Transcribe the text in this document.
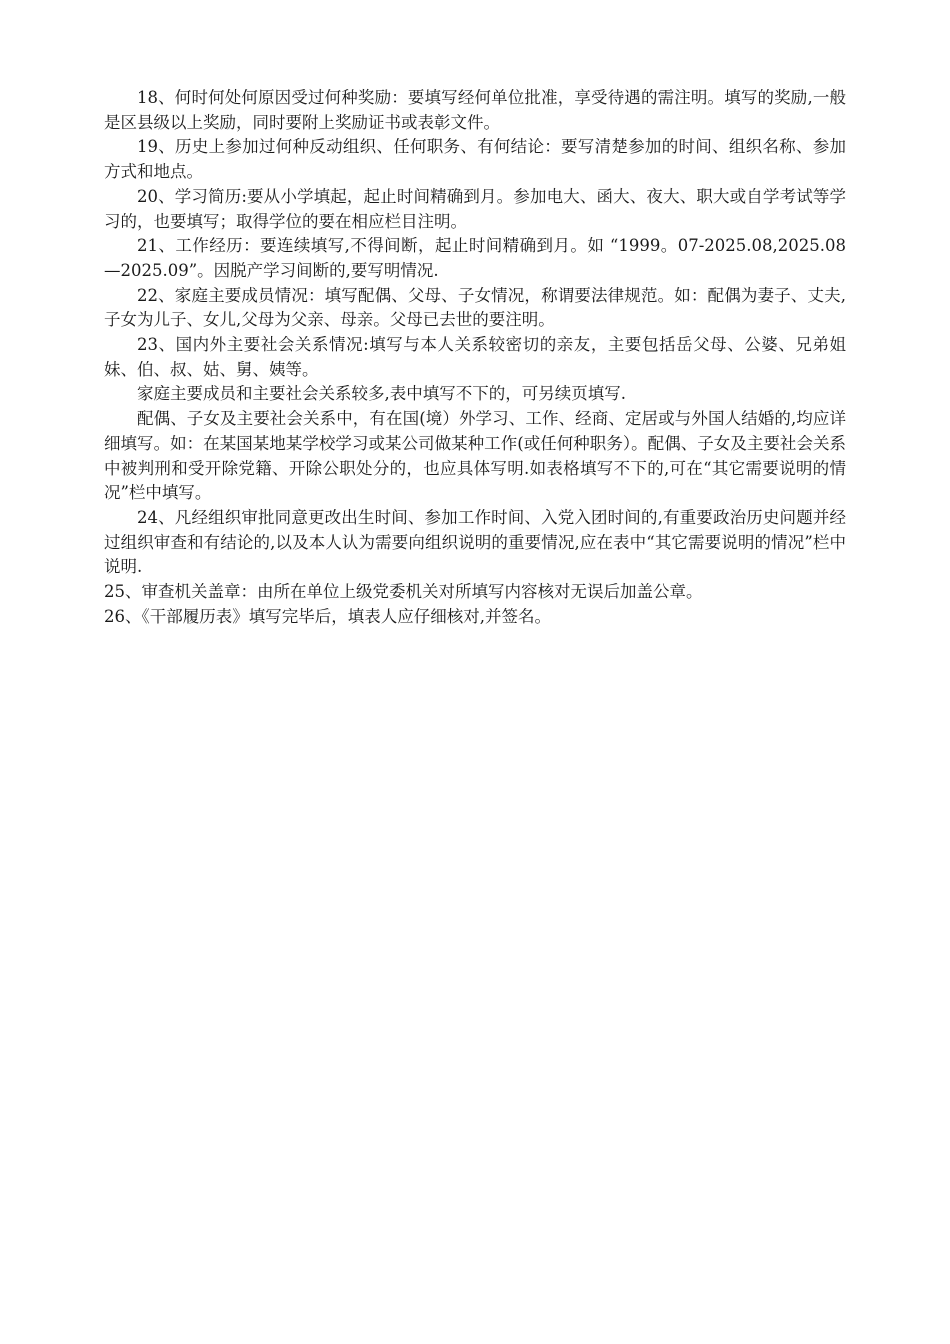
18、何时何处何原因受过何种奖励：要填写经何单位批准，享受待遇的需注明。填写的奖励,一般是区县级以上奖励，同时要附上奖励证书或表彰文件。

19、历史上参加过何种反动组织、任何职务、有何结论：要写清楚参加的时间、组织名称、参加方式和地点。

20、学习简历:要从小学填起，起止时间精确到月。参加电大、函大、夜大、职大或自学考试等学习的，也要填写；取得学位的要在相应栏目注明。

21、工作经历：要连续填写,不得间断，起止时间精确到月。如 “1999。07-2025.08,2025.08—2025.09”。因脱产学习间断的,要写明情况.

22、家庭主要成员情况：填写配偶、父母、子女情况，称谓要法律规范。如：配偶为妻子、丈夫,子女为儿子、女儿,父母为父亲、母亲。父母已去世的要注明。

23、国内外主要社会关系情况:填写与本人关系较密切的亲友，主要包括岳父母、公婆、兄弟姐妹、伯、叔、姑、舅、姨等。

家庭主要成员和主要社会关系较多,表中填写不下的，可另续页填写.

配偶、子女及主要社会关系中，有在国(境）外学习、工作、经商、定居或与外国人结婚的,均应详细填写。如：在某国某地某学校学习或某公司做某种工作(或任何种职务）。配偶、子女及主要社会关系中被判刑和受开除党籍、开除公职处分的，也应具体写明.如表格填写不下的,可在“其它需要说明的情况”栏中填写。

24、凡经组织审批同意更改出生时间、参加工作时间、入党入团时间的,有重要政治历史问题并经过组织审查和有结论的,以及本人认为需要向组织说明的重要情况,应在表中“其它需要说明的情况”栏中说明.

25、审查机关盖章：由所在单位上级党委机关对所填写内容核对无误后加盖公章。

26、《干部履历表》填写完毕后，填表人应仔细核对,并签名。
